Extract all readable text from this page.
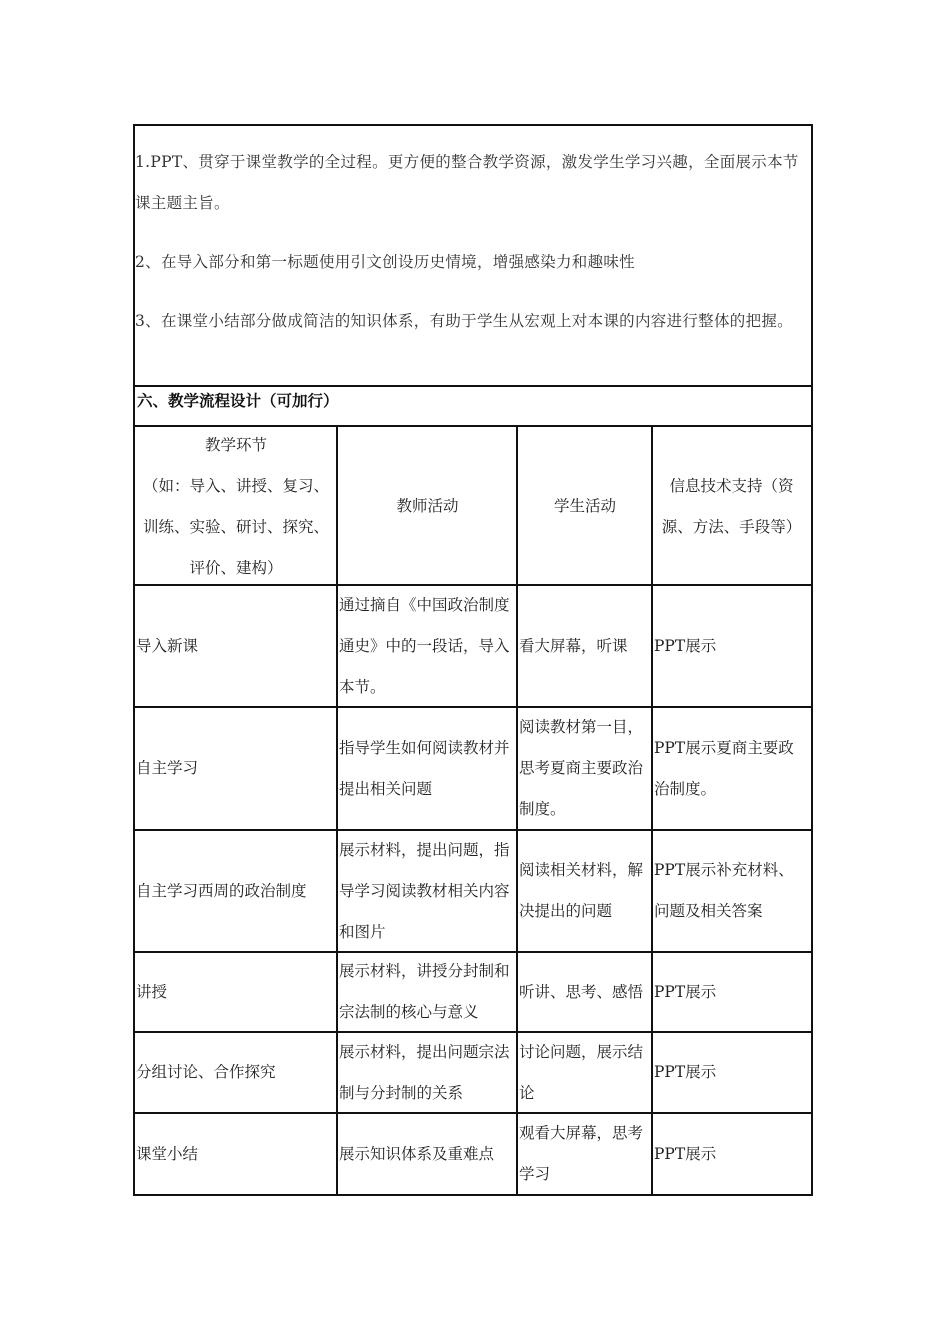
1.PPT、贯穿于课堂教学的全过程。更方便的整合教学资源，激发学生学习兴趣，全面展示本节课主题主旨。

2、在导入部分和第一标题使用引文创设历史情境，增强感染力和趣味性

3、在课堂小结部分做成简洁的知识体系，有助于学生从宏观上对本课的内容进行整体的把握。

六、教学流程设计（可加行）
教学环节
（如：导入、讲授、复习、训练、实验、研讨、探究、评价、建构）
教师活动	学生活动
信息技术支持（资源、方法、手段等）
导入新课
通过摘自《中国政治制度通史》中的一段话，导入本节。
看大屏幕，听课 PPT展示
自主学习
指导学生如何阅读教材并提出相关问题
阅读教材第一目，思考夏商主要政治制度。
PPT展示夏商主要政治制度。
自主学习西周的政治制度
展示材料，提出问题，指导学习阅读教材相关内容和图片
阅读相关材料，解决提出的问题
PPT展示补充材料、问题及相关答案
讲授
展示材料，讲授分封制和宗法制的核心与意义
听讲、思考、感悟 PPT展示
分组讨论、合作探究
展示材料，提出问题宗法制与分封制的关系
讨论问题，展示结论
PPT展示
课堂小结	展示知识体系及重难点
观看大屏幕，思考学习
PPT展示
